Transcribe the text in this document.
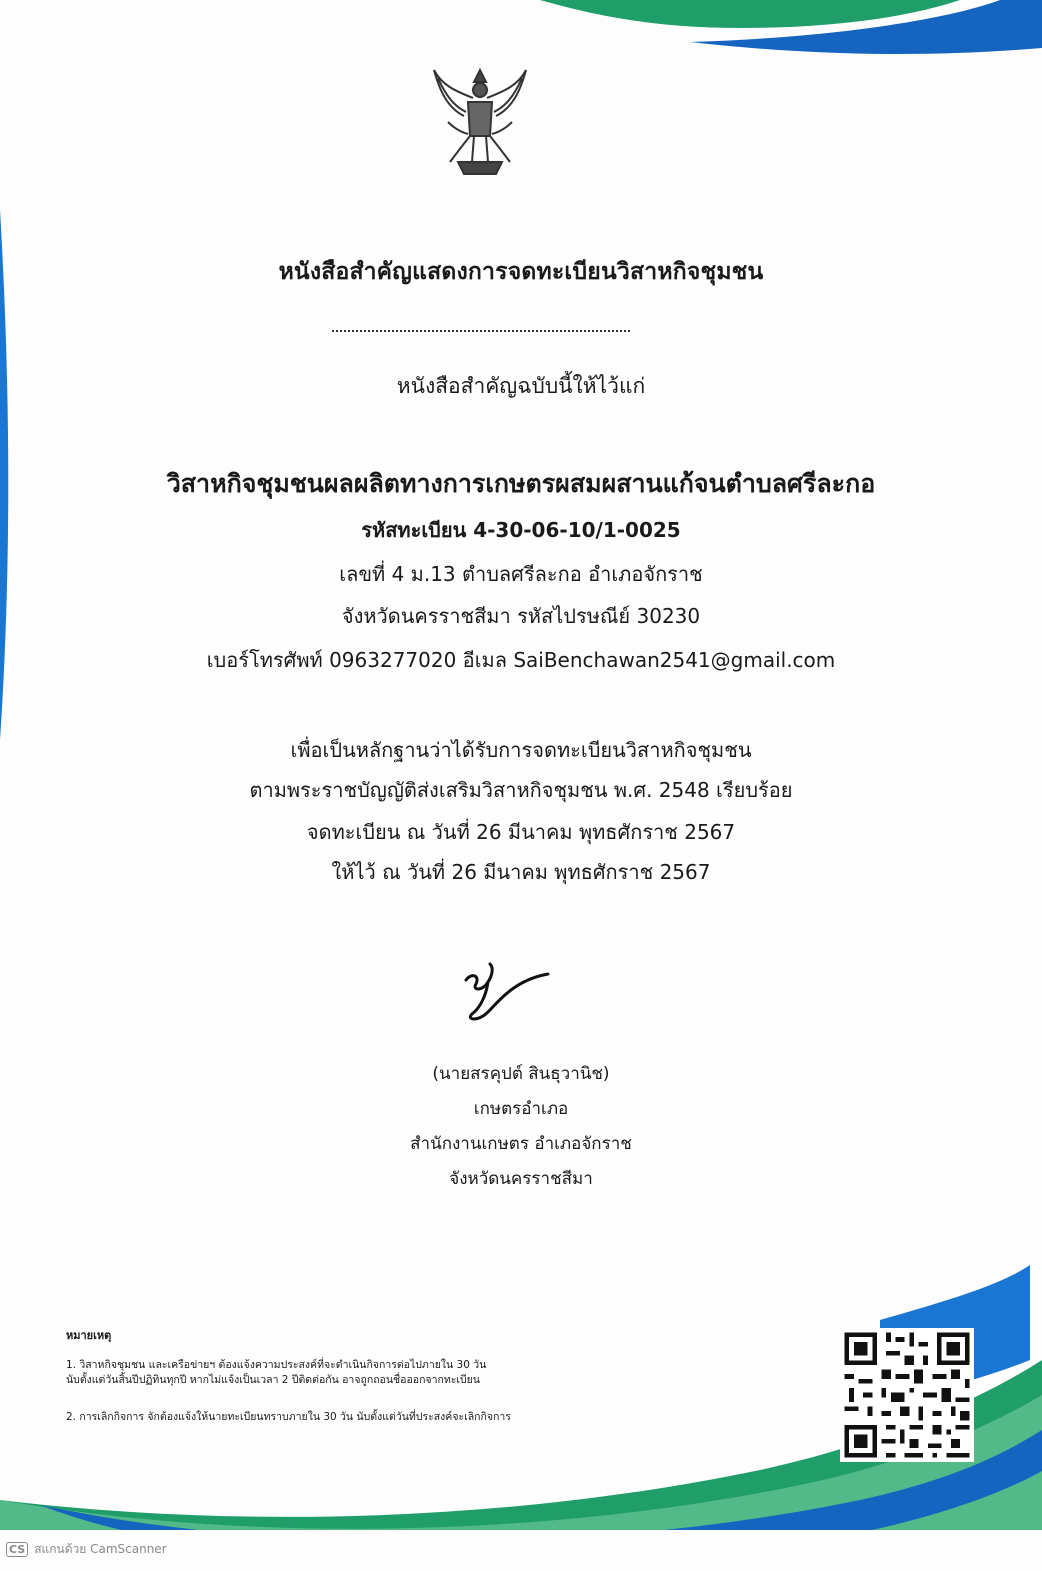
หนังสือสำคัญแสดงการจดทะเบียนวิสาหกิจชุมชน
หนังสือสำคัญฉบับนี้ให้ไว้แก่
วิสาหกิจชุมชนผลผลิตทางการเกษตรผสมผสานแก้จนตำบลศรีละกอ
รหัสทะเบียน 4-30-06-10/1-0025
เลขที่ 4 ม.13 ตำบลศรีละกอ อำเภอจักราช
จังหวัดนครราชสีมา รหัสไปรษณีย์ 30230
เบอร์โทรศัพท์ 0963277020 อีเมล SaiBenchawan2541@gmail.com
เพื่อเป็นหลักฐานว่าได้รับการจดทะเบียนวิสาหกิจชุมชน
ตามพระราชบัญญัติส่งเสริมวิสาหกิจชุมชน พ.ศ. 2548 เรียบร้อย
จดทะเบียน ณ วันที่ 26 มีนาคม พุทธศักราช 2567
ให้ไว้ ณ วันที่ 26 มีนาคม พุทธศักราช 2567
(นายสรคุปต์ สินธุวานิช)
เกษตรอำเภอ
สำนักงานเกษตร อำเภอจักราช
จังหวัดนครราชสีมา
หมายเหตุ
1. วิสาหกิจชุมชน และเครือข่ายฯ ต้องแจ้งความประสงค์ที่จะดำเนินกิจการต่อไปภายใน 30 วัน
นับตั้งแต่วันสิ้นปีปฏิทินทุกปี หากไม่แจ้งเป็นเวลา 2 ปีติดต่อกัน อาจถูกถอนชื่อออกจากทะเบียน
2. การเลิกกิจการ จักต้องแจ้งให้นายทะเบียนทราบภายใน 30 วัน นับตั้งแต่วันที่ประสงค์จะเลิกกิจการ
CS สแกนด้วย CamScanner
